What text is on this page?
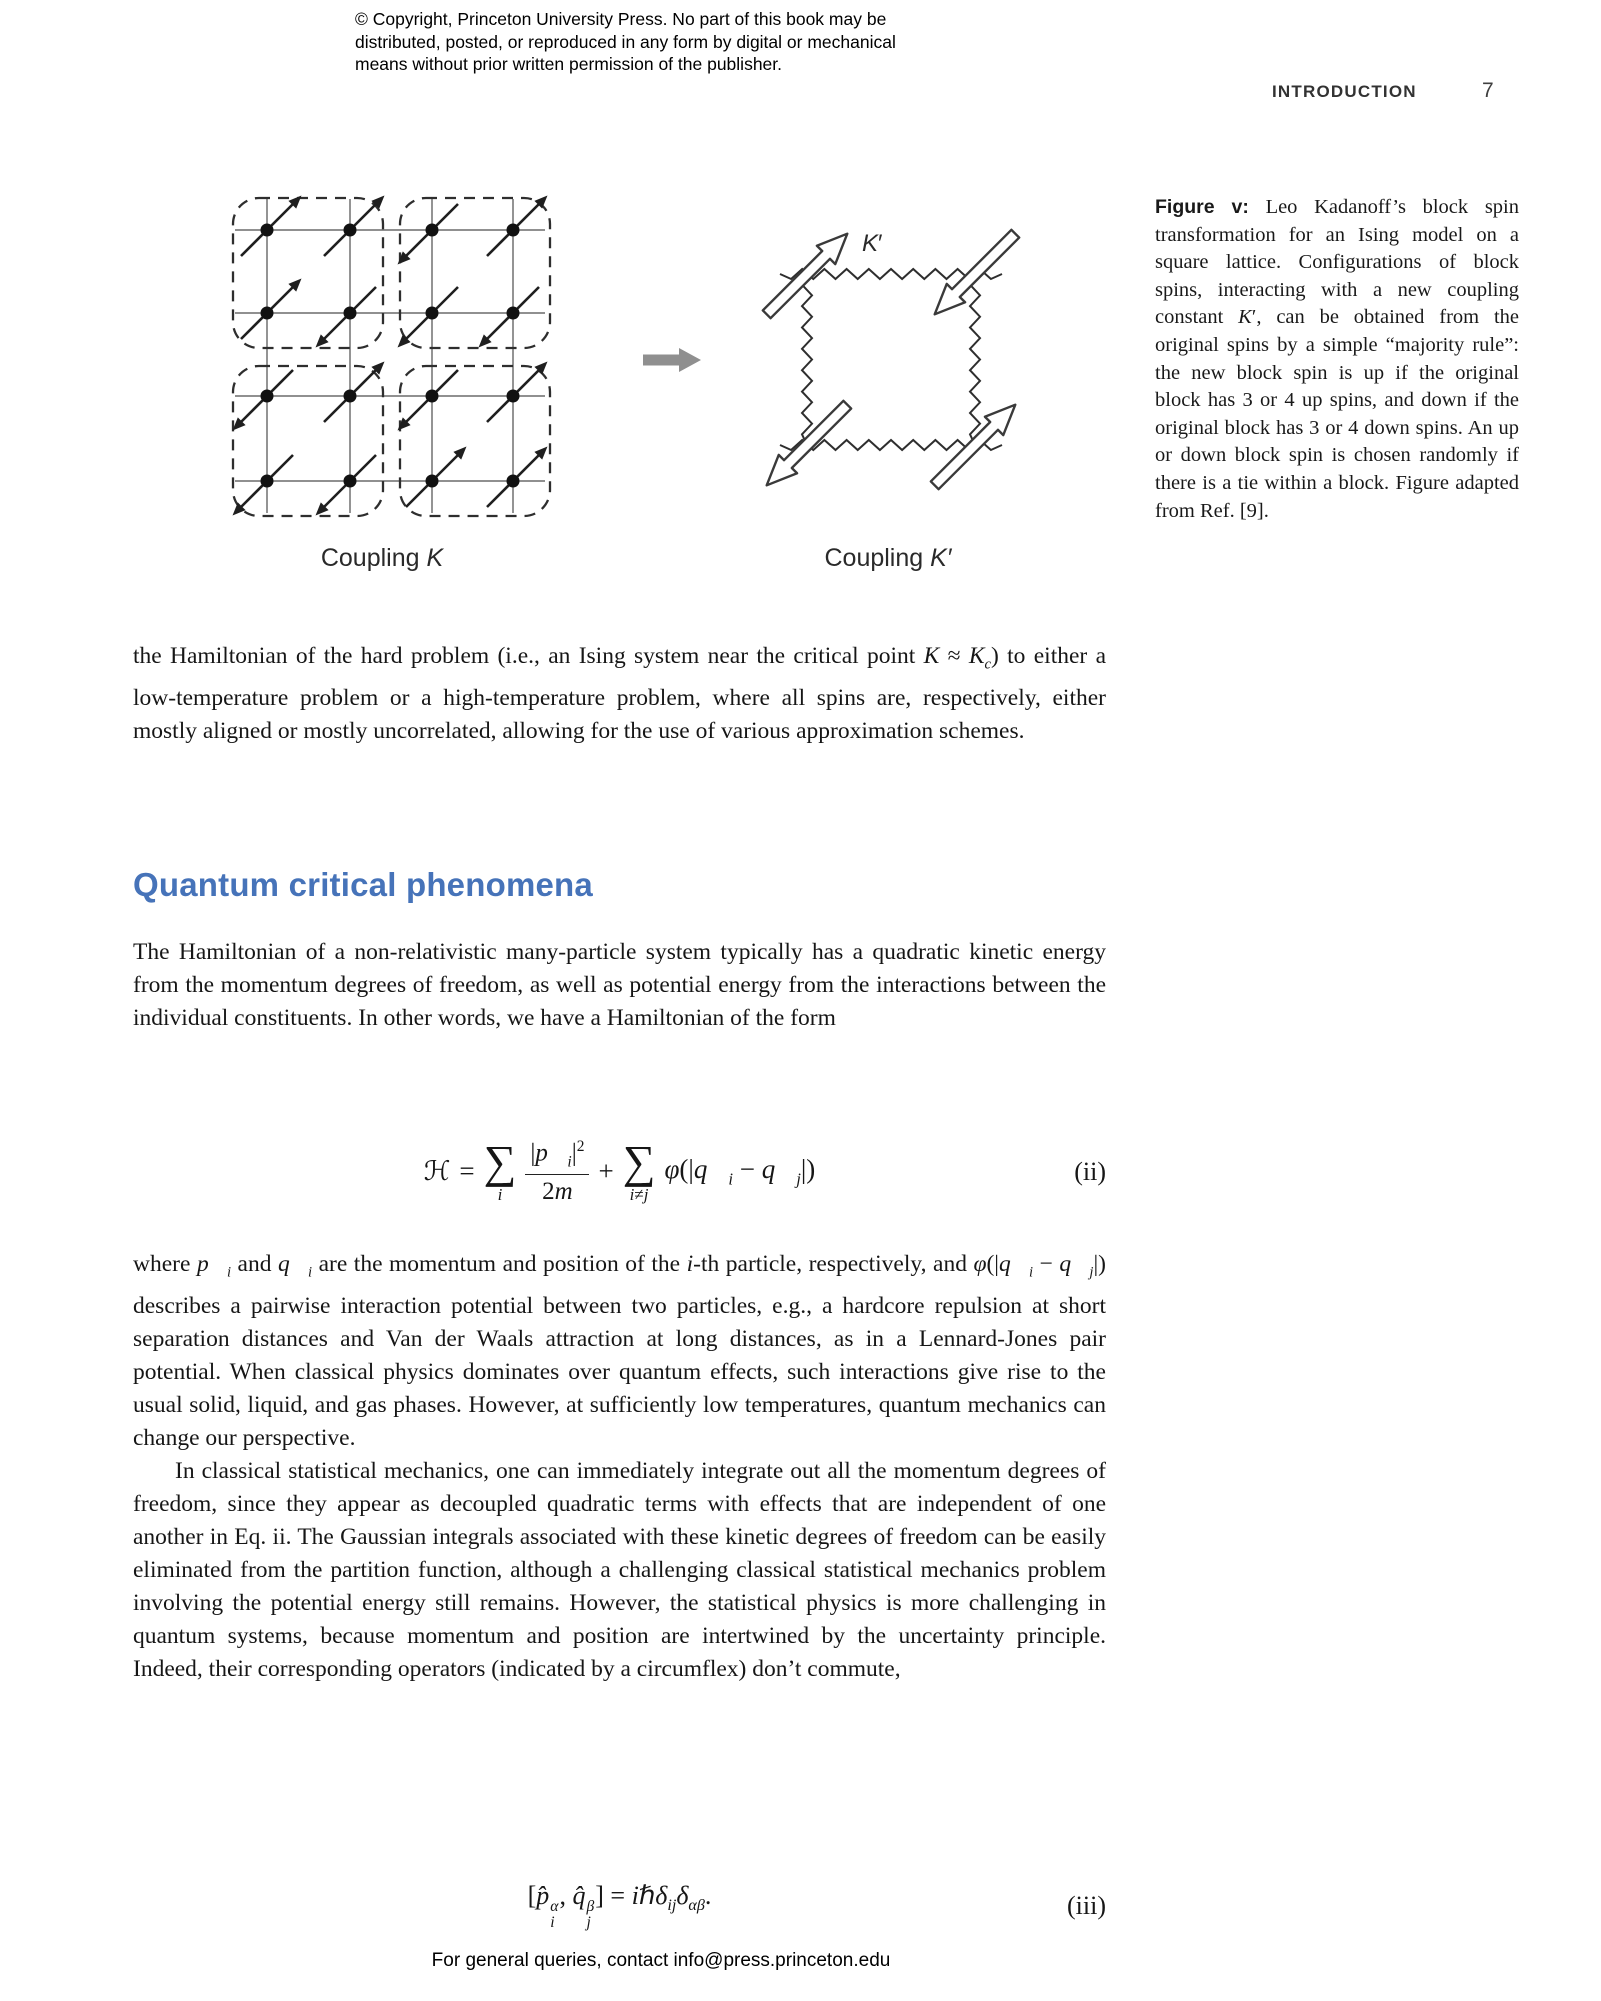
© Copyright, Princeton University Press. No part of this book may be
distributed, posted, or reproduced in any form by digital or mechanical
means without prior written permission of the publisher.
INTRODUCTION	7
K′
Coupling K	Coupling K′
Figure v: Leo Kadanoff’s block spin transformation for an Ising model on a square lattice. Configurations of block spins, interacting with a new coupling constant K′, can be obtained from the original spins by a simple “majority rule”: the new block spin is up if the original block has 3 or 4 up spins, and down if the original block has 3 or 4 down spins. An up or down block spin is chosen randomly if there is a tie within a block. Figure adapted from Ref. [9].
the Hamiltonian of the hard problem (i.e., an Ising system near the critical point $K \approx K_c$) to either a low-temperature problem or a high-temperature problem, where all spins are, respectively, either mostly aligned or mostly uncorrelated, allowing for the use of various approximation schemes.
Quantum critical phenomena
The Hamiltonian of a non-relativistic many-particle system typically has a quadratic kinetic energy from the momentum degrees of freedom, as well as potential energy from the interactions between the individual constituents. In other words, we have a Hamiltonian of the form
ℋ = ∑
i $\frac{|p⃗_i|^2}{2m}$ + ∑
i≠j
$\varphi(|q⃗_i$ − $q⃗_j|$)	(ii)

where $p⃗_i$ and $q⃗_i$ are the momentum and position of the i-th particle, respectively, and $\varphi(|q⃗_i$ − $q⃗_j|$) describes a pairwise interaction potential between two particles, e.g., a hardcore repulsion at short separation distances and Van der Waals attraction at long distances, as in a Lennard-Jones pair potential. When classical physics dominates over quantum effects, such interactions give rise to the usual solid, liquid, and gas phases. However, at sufficiently low temperatures, quantum mechanics can change our perspective.

In classical statistical mechanics, one can immediately integrate out all the momentum degrees of freedom, since they appear as decoupled quadratic terms with effects that are independent of one another in Eq. ii. The Gaussian integrals associated with these kinetic degrees of freedom can be easily eliminated from the partition function, although a challenging classical statistical mechanics problem involving the potential energy still remains. However, the statistical physics is more challenging in quantum systems, because momentum and position are intertwined by the uncertainty principle. Indeed, their corresponding operators (indicated by a circumflex) don’t commute,

[p̂ α
i
, q̂ β
j
] = $i\hbar\delta_{ij}\delta_{\alpha\beta}$.	(iii)
For general queries, contact info@press.princeton.edu
